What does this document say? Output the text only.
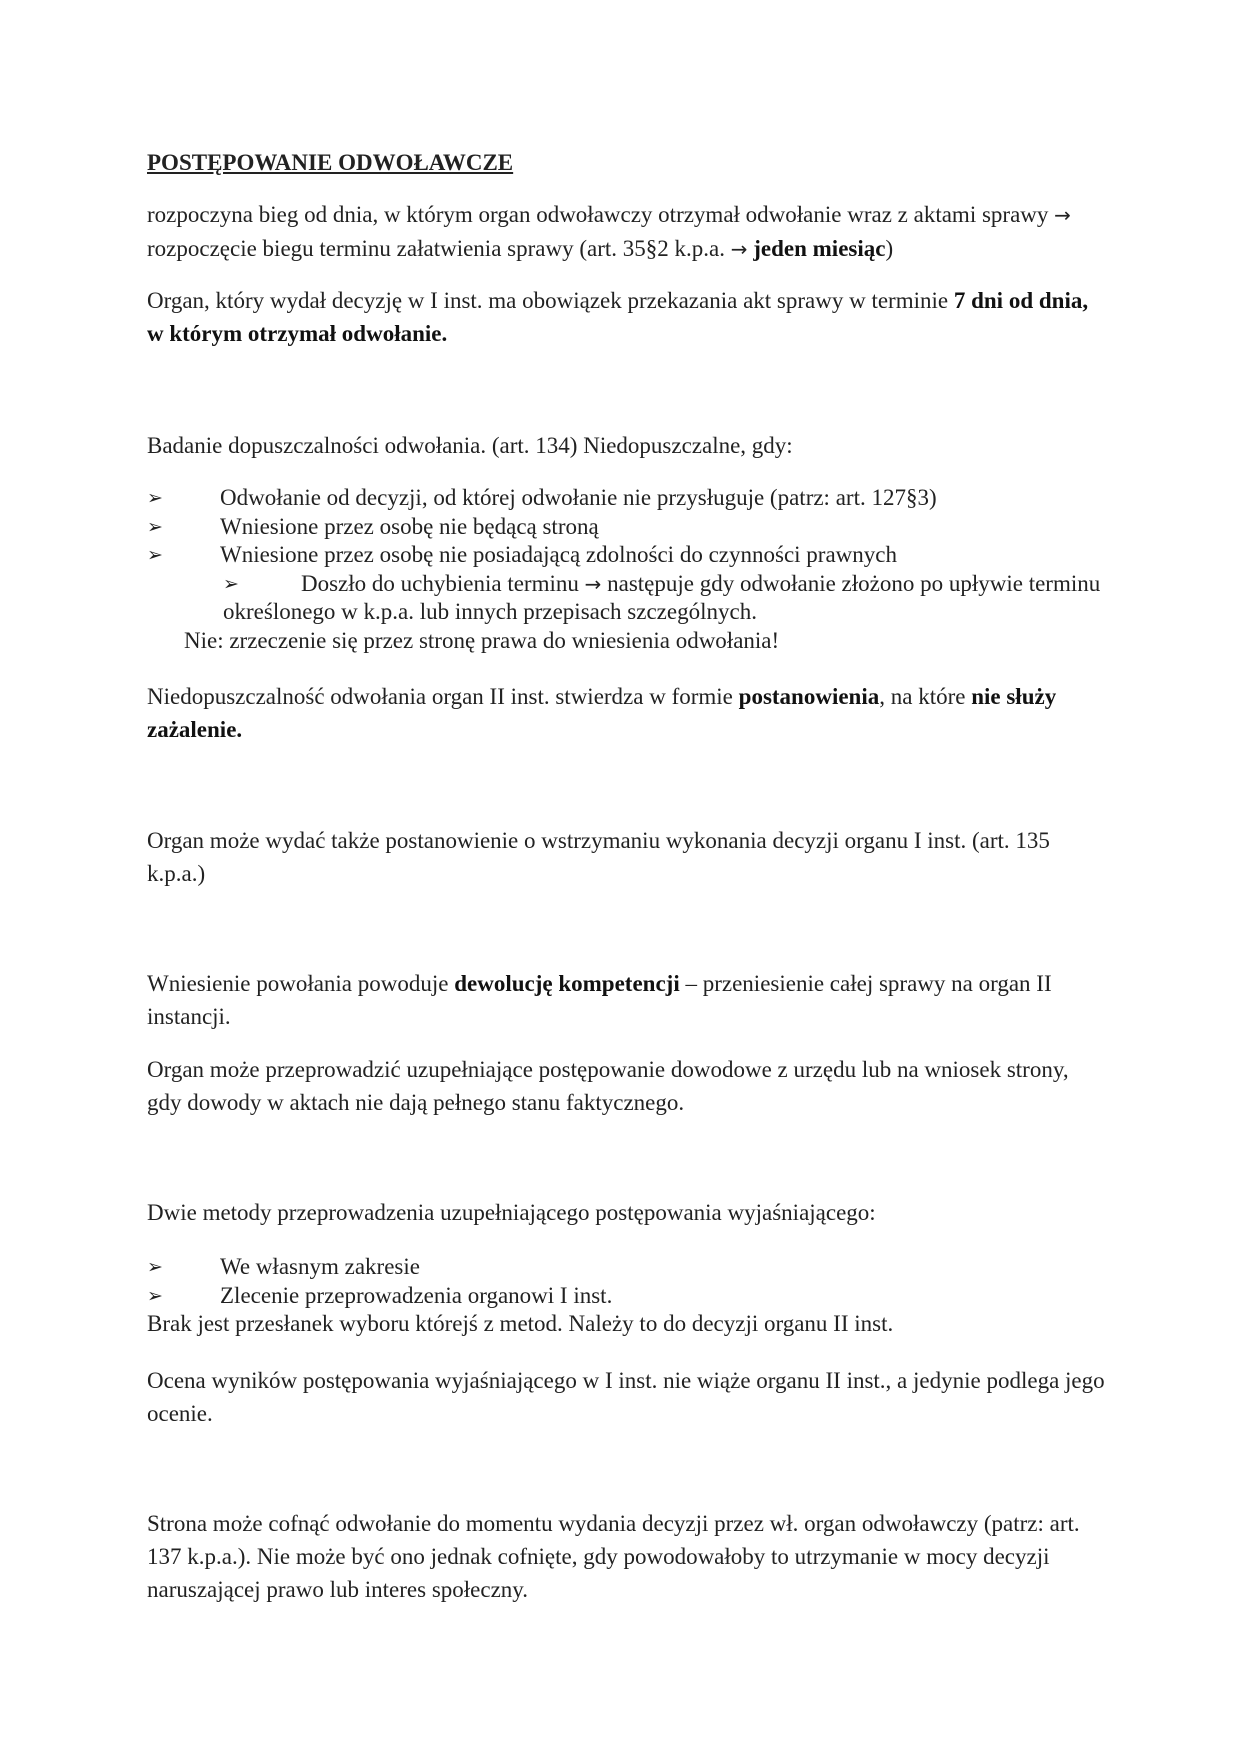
POSTĘPOWANIE ODWOŁAWCZE
rozpoczyna bieg od dnia, w którym organ odwoławczy otrzymał odwołanie wraz z aktami sprawy → rozpoczęcie biegu terminu załatwienia sprawy (art. 35§2 k.p.a. → jeden miesiąc)
Organ, który wydał decyzję w I inst. ma obowiązek przekazania akt sprawy w terminie 7 dni od dnia, w którym otrzymał odwołanie.
Badanie dopuszczalności odwołania. (art. 134) Niedopuszczalne, gdy:
➢ Odwołanie od decyzji, od której odwołanie nie przysługuje (patrz: art. 127§3)
➢ Wniesione przez osobę nie będącą stroną
➢ Wniesione przez osobę nie posiadającą zdolności do czynności prawnych
➢	Doszło do uchybienia terminu → następuje gdy odwołanie złożono po upływie terminu określonego w k.p.a. lub innych przepisach szczególnych.
Nie: zrzeczenie się przez stronę prawa do wniesienia odwołania!
Niedopuszczalność odwołania organ II inst. stwierdza w formie postanowienia, na które nie służy zażalenie.
Organ może wydać także postanowienie o wstrzymaniu wykonania decyzji organu I inst. (art. 135 k.p.a.)
Wniesienie powołania powoduje dewolucję kompetencji – przeniesienie całej sprawy na organ II instancji.
Organ może przeprowadzić uzupełniające postępowanie dowodowe z urzędu lub na wniosek strony, gdy dowody w aktach nie dają pełnego stanu faktycznego.
Dwie metody przeprowadzenia uzupełniającego postępowania wyjaśniającego:
➢ We własnym zakresie
➢ Zlecenie przeprowadzenia organowi I inst.
Brak jest przesłanek wyboru którejś z metod. Należy to do decyzji organu II inst.
Ocena wyników postępowania wyjaśniającego w I inst. nie wiąże organu II inst., a jedynie podlega jego ocenie.
Strona może cofnąć odwołanie do momentu wydania decyzji przez wł. organ odwoławczy (patrz: art. 137 k.p.a.). Nie może być ono jednak cofnięte, gdy powodowałoby to utrzymanie w mocy decyzji naruszającej prawo lub interes społeczny.
